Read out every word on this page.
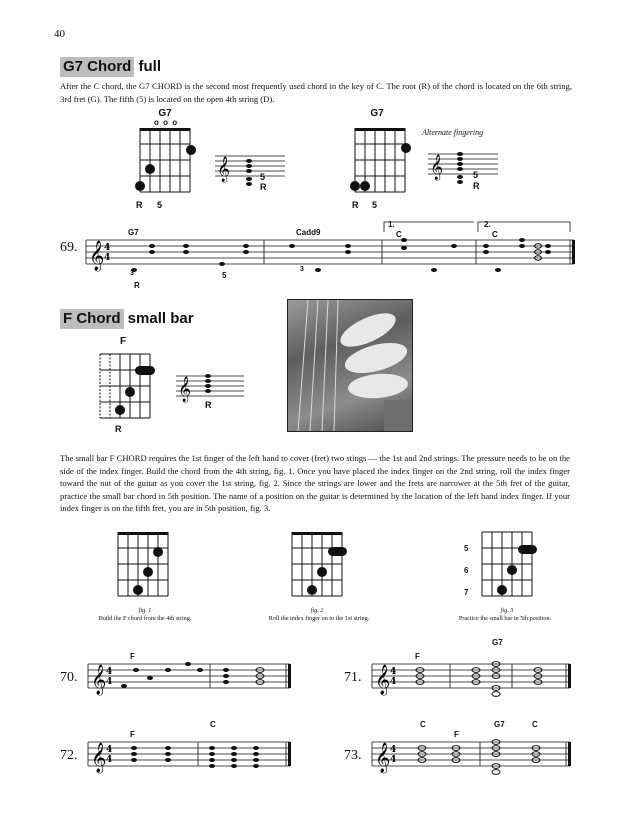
40
G7 Chord full
After the C chord, the G7 CHORD is the second most frequently used chord in the key of C. The root (R) of the chord is located on the 6th string, 3rd fret (G). The fifth (5) is located on the open 4th string (D).
G7
o o o
R 5
𝄞	5
R
G7
R 5
Alternate fingering
𝄞	5
R
69.
G7	Cadd9
1.
C
2.
C
𝄞 4
4
3
R
5
3
F Chord small bar
F
R
𝄞
R
The small bar F CHORD requires the 1st finger of the left hand to cover (fret) two stings — the 1st and 2nd strings. The pressure needs to be on the side of the index finger. Build the chord from the 4th string, fig. 1. Once you have placed the index finger on the 2nd string, roll the index finger toward the nut of the guitar as you cover the 1st string, fig. 2. Since the strings are lower and the frets are narrower at the 5th fret of the guitar, practice the small bar chord in 5th position. The name of a position on the guitar is determined by the location of the left hand index finger. If your index finger is on the fifth fret, you are in 5th position, fig. 3.
fig. 1
Build the F chord from the 4th string.
fig. 2
Roll the index finger on to the 1st string.
5
6
7
fig. 3
Practice the small bar in 5th position.
70.
F
𝄞 4
4	71.
F
G7
𝄞 4
4
72.
F
C
𝄞 4
4	73.
C
F
G7	C
𝄞 4
4
